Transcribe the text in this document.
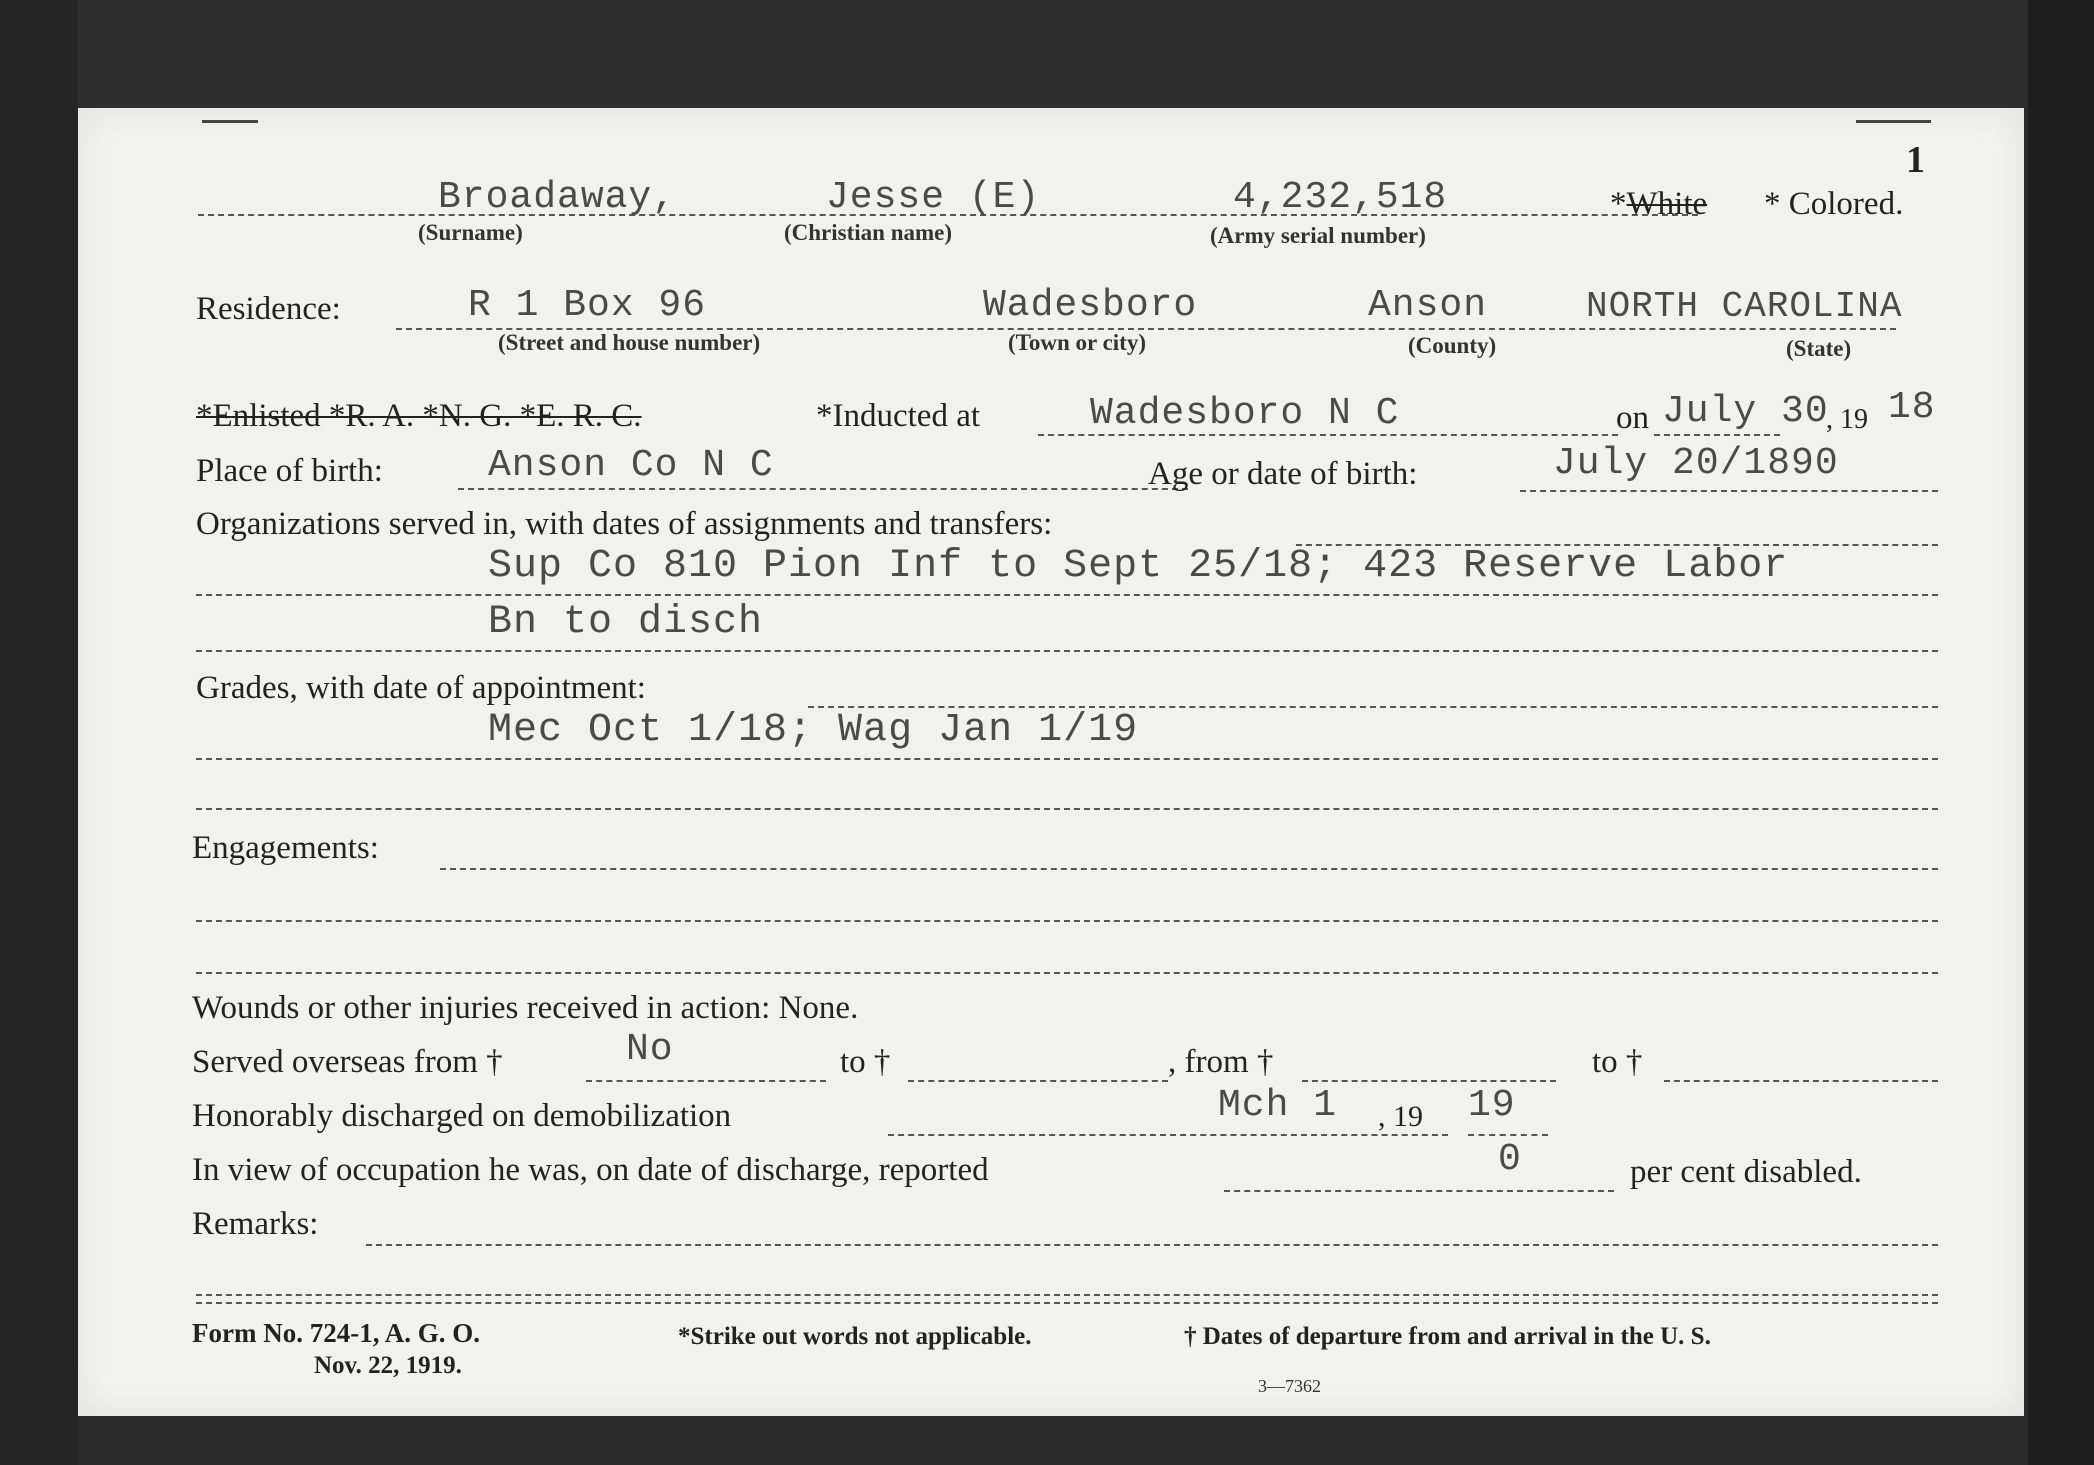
1
Broadaway,	Jesse (E)	4,232,518	*White * Colored.
(Surname)	(Christian name)	(Army serial number)
Residence:	R 1 Box 96	Wadesboro	Anson	NORTH CAROLINA
(Street and house number)	(Town or city)	(County)	(State)
*Enlisted *R. A. *N. G. *E. R. C.	*Inducted at	Wadesboro N C	on July 30
, 19 18
Place of birth:	Anson Co N C	Age or date of birth:	July 20/1890
Organizations served in, with dates of assignments and transfers:
Sup Co 810 Pion Inf to Sept 25/18; 423 Reserve Labor
Bn to disch
Grades, with date of appointment:
Mec Oct 1/18; Wag Jan 1/19
Engagements:
Wounds or other injuries received in action: None.
Served overseas from †	No	to †	, from †	to †
Honorably discharged on demobilization	Mch 1 , 19 19
In view of occupation he was, on date of discharge, reported	0	per cent disabled.
Remarks:
Form No. 724-1, A. G. O.
Nov. 22, 1919.
*Strike out words not applicable.	† Dates of departure from and arrival in the U. S.
3—7362
